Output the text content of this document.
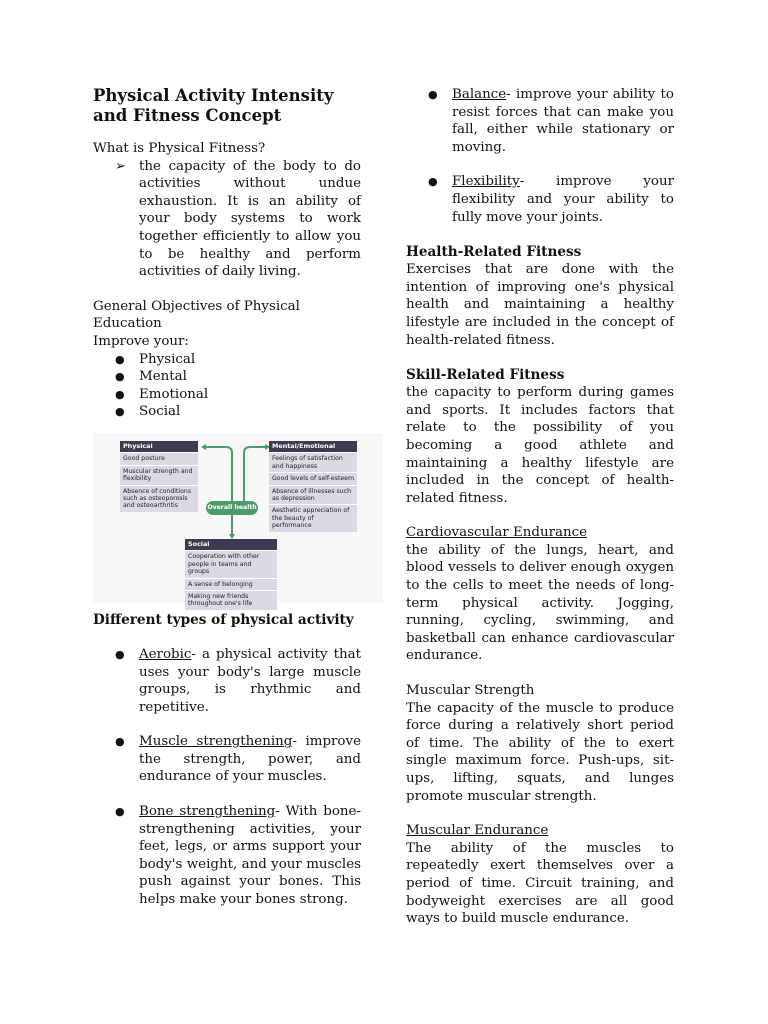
Physical Activity Intensity and Fitness Concept

What is Physical Fitness?

➢ the capacity of the body to do activities without undue exhaustion. It is an ability of your body systems to work together efficiently to allow you to be healthy and perform activities of daily living.

General Objectives of Physical Education

Improve your:

●	Physical

●	Mental

●	Emotional

●	Social

Physical
Good posture
Muscular strength and flexibility
Absence of conditions such as osteoporosis and osteoarthritis
Mental/Emotional
Feelings of satisfaction and happiness
Good levels of self-esteem
Absence of illnesses such as depression
Aesthetic appreciation of the beauty of performance
Overall health
Social
Cooperation with other people in teams and groups
A sense of belonging
Making new friends throughout one's life

Different types of physical activity

●	Aerobic- a physical activity that uses your body's large muscle groups, is rhythmic and repetitive.

●	Muscle strengthening- improve the strength, power, and endurance of your muscles.

●	Bone strengthening- With bone-strengthening activities, your feet, legs, or arms support your body's weight, and your muscles push against your bones. This helps make your bones strong.

●	Balance- improve your ability to resist forces that can make you fall, either while stationary or moving.

●	Flexibility- improve your flexibility and your ability to fully move your joints.

Health-Related Fitness

Exercises that are done with the intention of improving one's physical health and maintaining a healthy lifestyle are included in the concept of health-related fitness.

Skill-Related Fitness

the capacity to perform during games and sports. It includes factors that relate to the possibility of you becoming a good athlete and maintaining a healthy lifestyle are included in the concept of health-related fitness.

Cardiovascular Endurance

the ability of the lungs, heart, and blood vessels to deliver enough oxygen to the cells to meet the needs of long-term physical activity. Jogging, running, cycling, swimming, and basketball can enhance cardiovascular endurance.

Muscular Strength

The capacity of the muscle to produce force during a relatively short period of time. The ability of the to exert single maximum force. Push-ups, sit-ups, lifting, squats, and lunges promote muscular strength.

Muscular Endurance

The ability of the muscles to repeatedly exert themselves over a period of time. Circuit training, and bodyweight exercises are all good ways to build muscle endurance.
